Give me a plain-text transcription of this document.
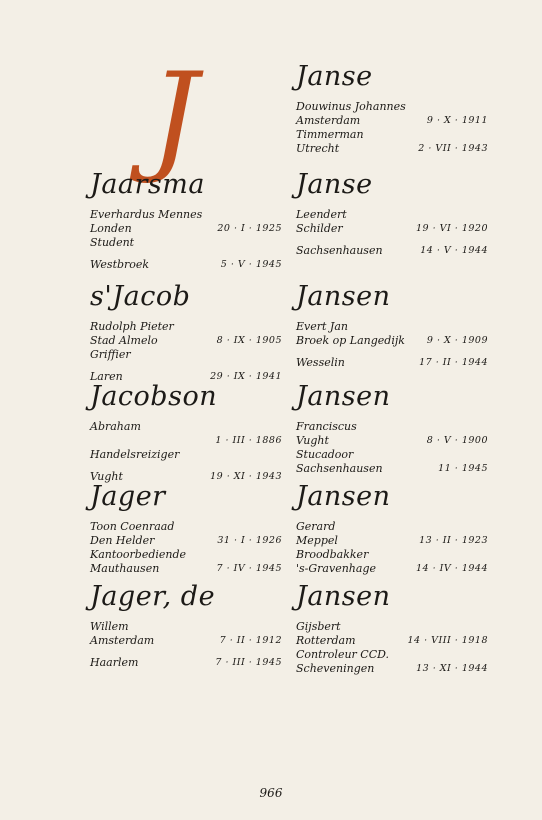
J
Jaarsma
Everhardus Mennes
Londen	20 · I · 1925
Student
Westbroek	5 · V · 1945
s'Jacob
Rudolph Pieter
Stad Almelo	8 · IX · 1905
Griffier
Laren	29 · IX · 1941
Jacobson
Abraham
1 · III · 1886
Handelsreiziger
Vught	19 · XI · 1943
Jager
Toon Coenraad
Den Helder	31 · I · 1926
Kantoorbediende
Mauthausen	7 · IV · 1945
Jager, de
Willem
Amsterdam	7 · II · 1912
Haarlem	7 · III · 1945
Janse
Douwinus Johannes
Amsterdam	9 · X · 1911
Timmerman
Utrecht	2 · VII · 1943
Janse
Leendert
Schilder	19 · VI · 1920
Sachsenhausen	14 · V · 1944
Jansen
Evert Jan
Broek op Langedijk 9 · X · 1909
Wesselin	17 · II · 1944
Jansen
Franciscus
Vught	8 · V · 1900
Stucadoor
Sachsenhausen	11 · 1945
Jansen
Gerard
Meppel	13 · II · 1923
Broodbakker
's-Gravenhage	14 · IV · 1944
Jansen
Gijsbert
Rotterdam	14 · VIII · 1918
Controleur CCD.
Scheveningen	13 · XI · 1944
966
